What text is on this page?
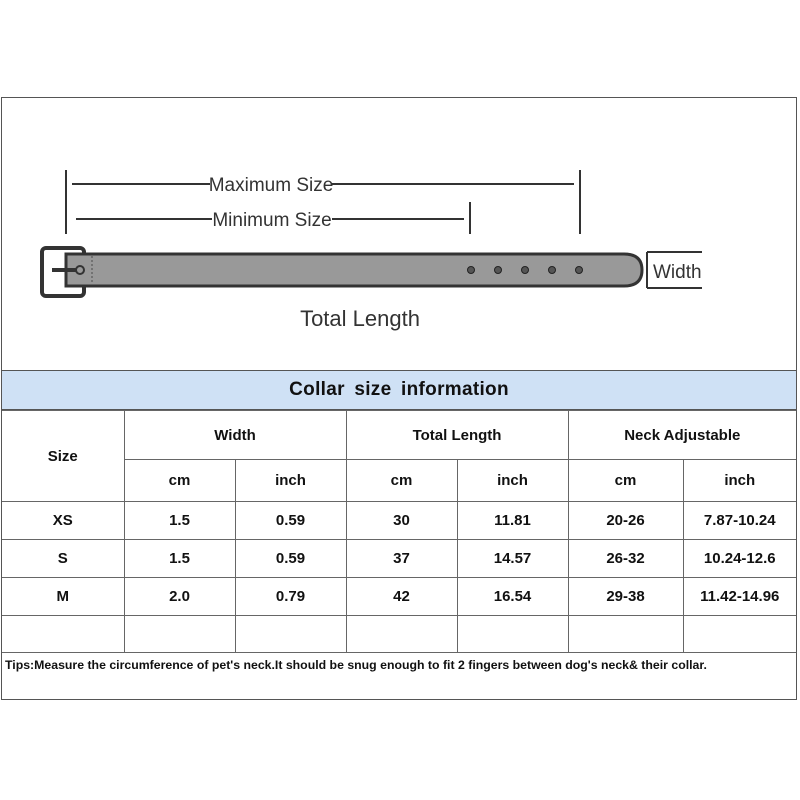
Maximum Size
Minimum Size
Width
Total Length
Collar size information
Size	Width		Total Length		Neck Adjustable	
	cm	inch	cm	inch	cm	inch
XS	1.5	0.59	30	11.81	20-26	7.87-10.24
S	1.5	0.59	37	14.57	26-32	10.24-12.6
M	2.0	0.79	42	16.54	29-38	11.42-14.96

Tips:Measure the circumference of pet's neck.It should be snug enough to fit 2 fingers between dog's neck& their collar.						
